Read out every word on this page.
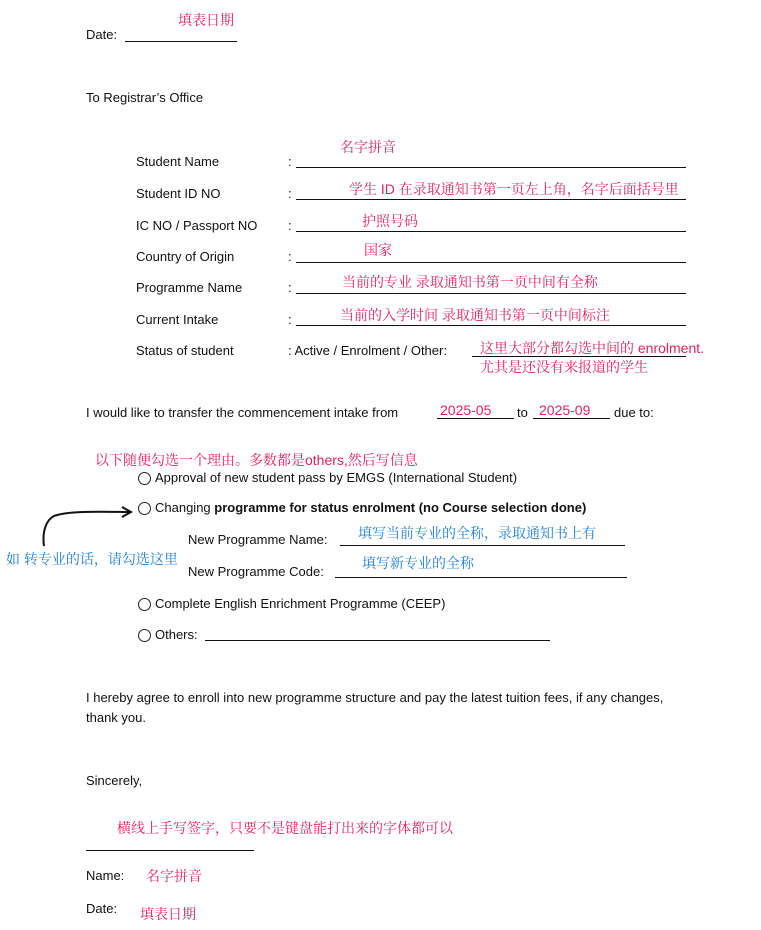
填表日期
Date:
To Registrar’s Office
名字拼音
Student Name	:
学生 ID 在录取通知书第一页左上角，名字后面括号里
Student ID NO	:
护照号码
IC NO / Passport NO :
国家
Country of Origin	:
当前的专业 录取通知书第一页中间有全称
Programme Name	:
当前的入学时间 录取通知书第一页中间标注
Current Intake	:
这里大部分都勾选中间的 enrolment.
Status of student	: Active / Enrolment / Other:
尤其是还没有来报道的学生
I would like to transfer the commencement intake from	2025-05 to 2025-09 due to:
以下随便勾选一个理由。多数都是others,然后写信息
Approval of new student pass by EMGS (International Student)
Changing programme for status enrolment (no Course selection done)
如 转专业的话，请勾选这里
填写当前专业的全称，录取通知书上有
New Programme Name:
填写新专业的全称
New Programme Code:
Complete English Enrichment Programme (CEEP)
Others:
I hereby agree to enroll into new programme structure and pay the latest tuition fees, if any changes,
thank you.
Sincerely,
横线上手写签字，只要不是键盘能打出来的字体都可以
Name: 名字拼音
Date: 填表日期
